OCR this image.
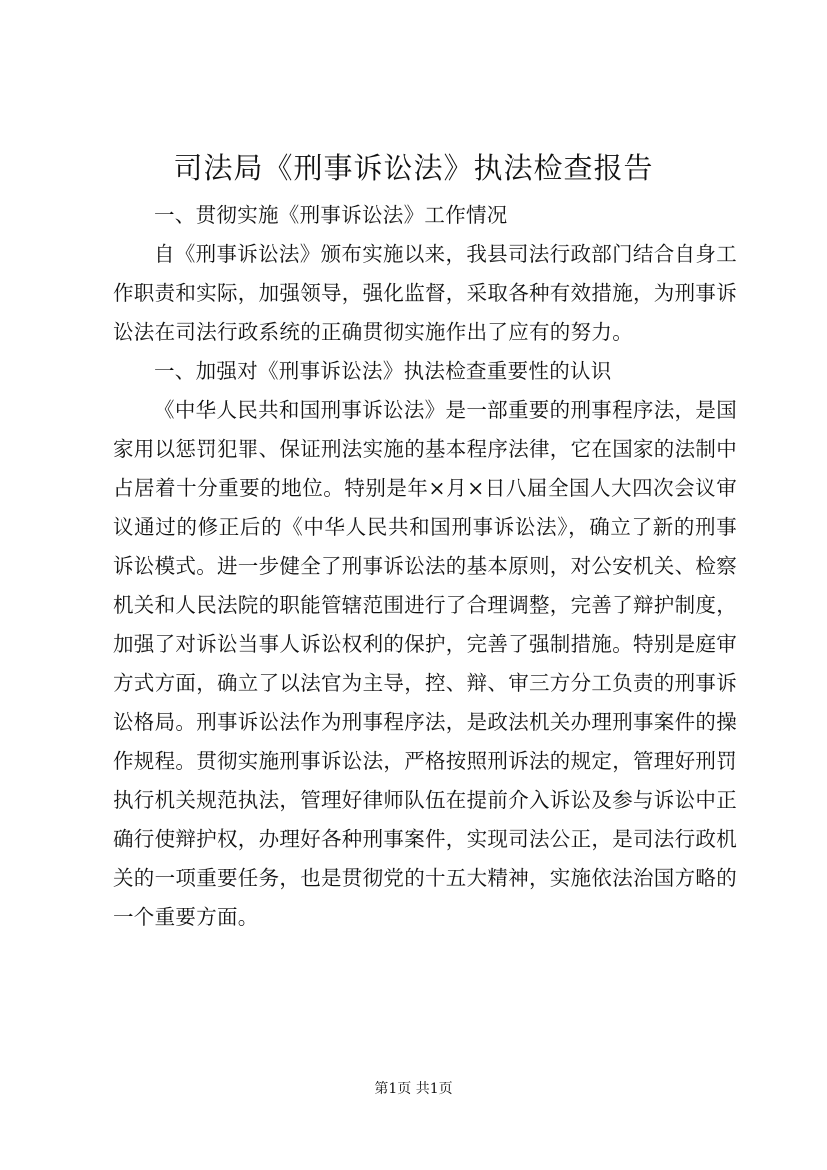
司法局《刑事诉讼法》执法检查报告

一、贯彻实施《刑事诉讼法》工作情况

自《刑事诉讼法》颁布实施以来，我县司法行政部门结合自身工作职责和实际，加强领导，强化监督，采取各种有效措施，为刑事诉讼法在司法行政系统的正确贯彻实施作出了应有的努力。

一、加强对《刑事诉讼法》执法检查重要性的认识

《中华人民共和国刑事诉讼法》是一部重要的刑事程序法，是国家用以惩罚犯罪、保证刑法实施的基本程序法律，它在国家的法制中占居着十分重要的地位。特别是年×月×日八届全国人大四次会议审议通过的修正后的《中华人民共和国刑事诉讼法》，确立了新的刑事诉讼模式。进一步健全了刑事诉讼法的基本原则，对公安机关、检察机关和人民法院的职能管辖范围进行了合理调整，完善了辩护制度，加强了对诉讼当事人诉讼权利的保护，完善了强制措施。特别是庭审方式方面，确立了以法官为主导，控、辩、审三方分工负责的刑事诉讼格局。刑事诉讼法作为刑事程序法，是政法机关办理刑事案件的操作规程。贯彻实施刑事诉讼法，严格按照刑诉法的规定，管理好刑罚执行机关规范执法，管理好律师队伍在提前介入诉讼及参与诉讼中正确行使辩护权，办理好各种刑事案件，实现司法公正，是司法行政机关的一项重要任务，也是贯彻党的十五大精神，实施依法治国方略的一个重要方面。

第1页 共1页
